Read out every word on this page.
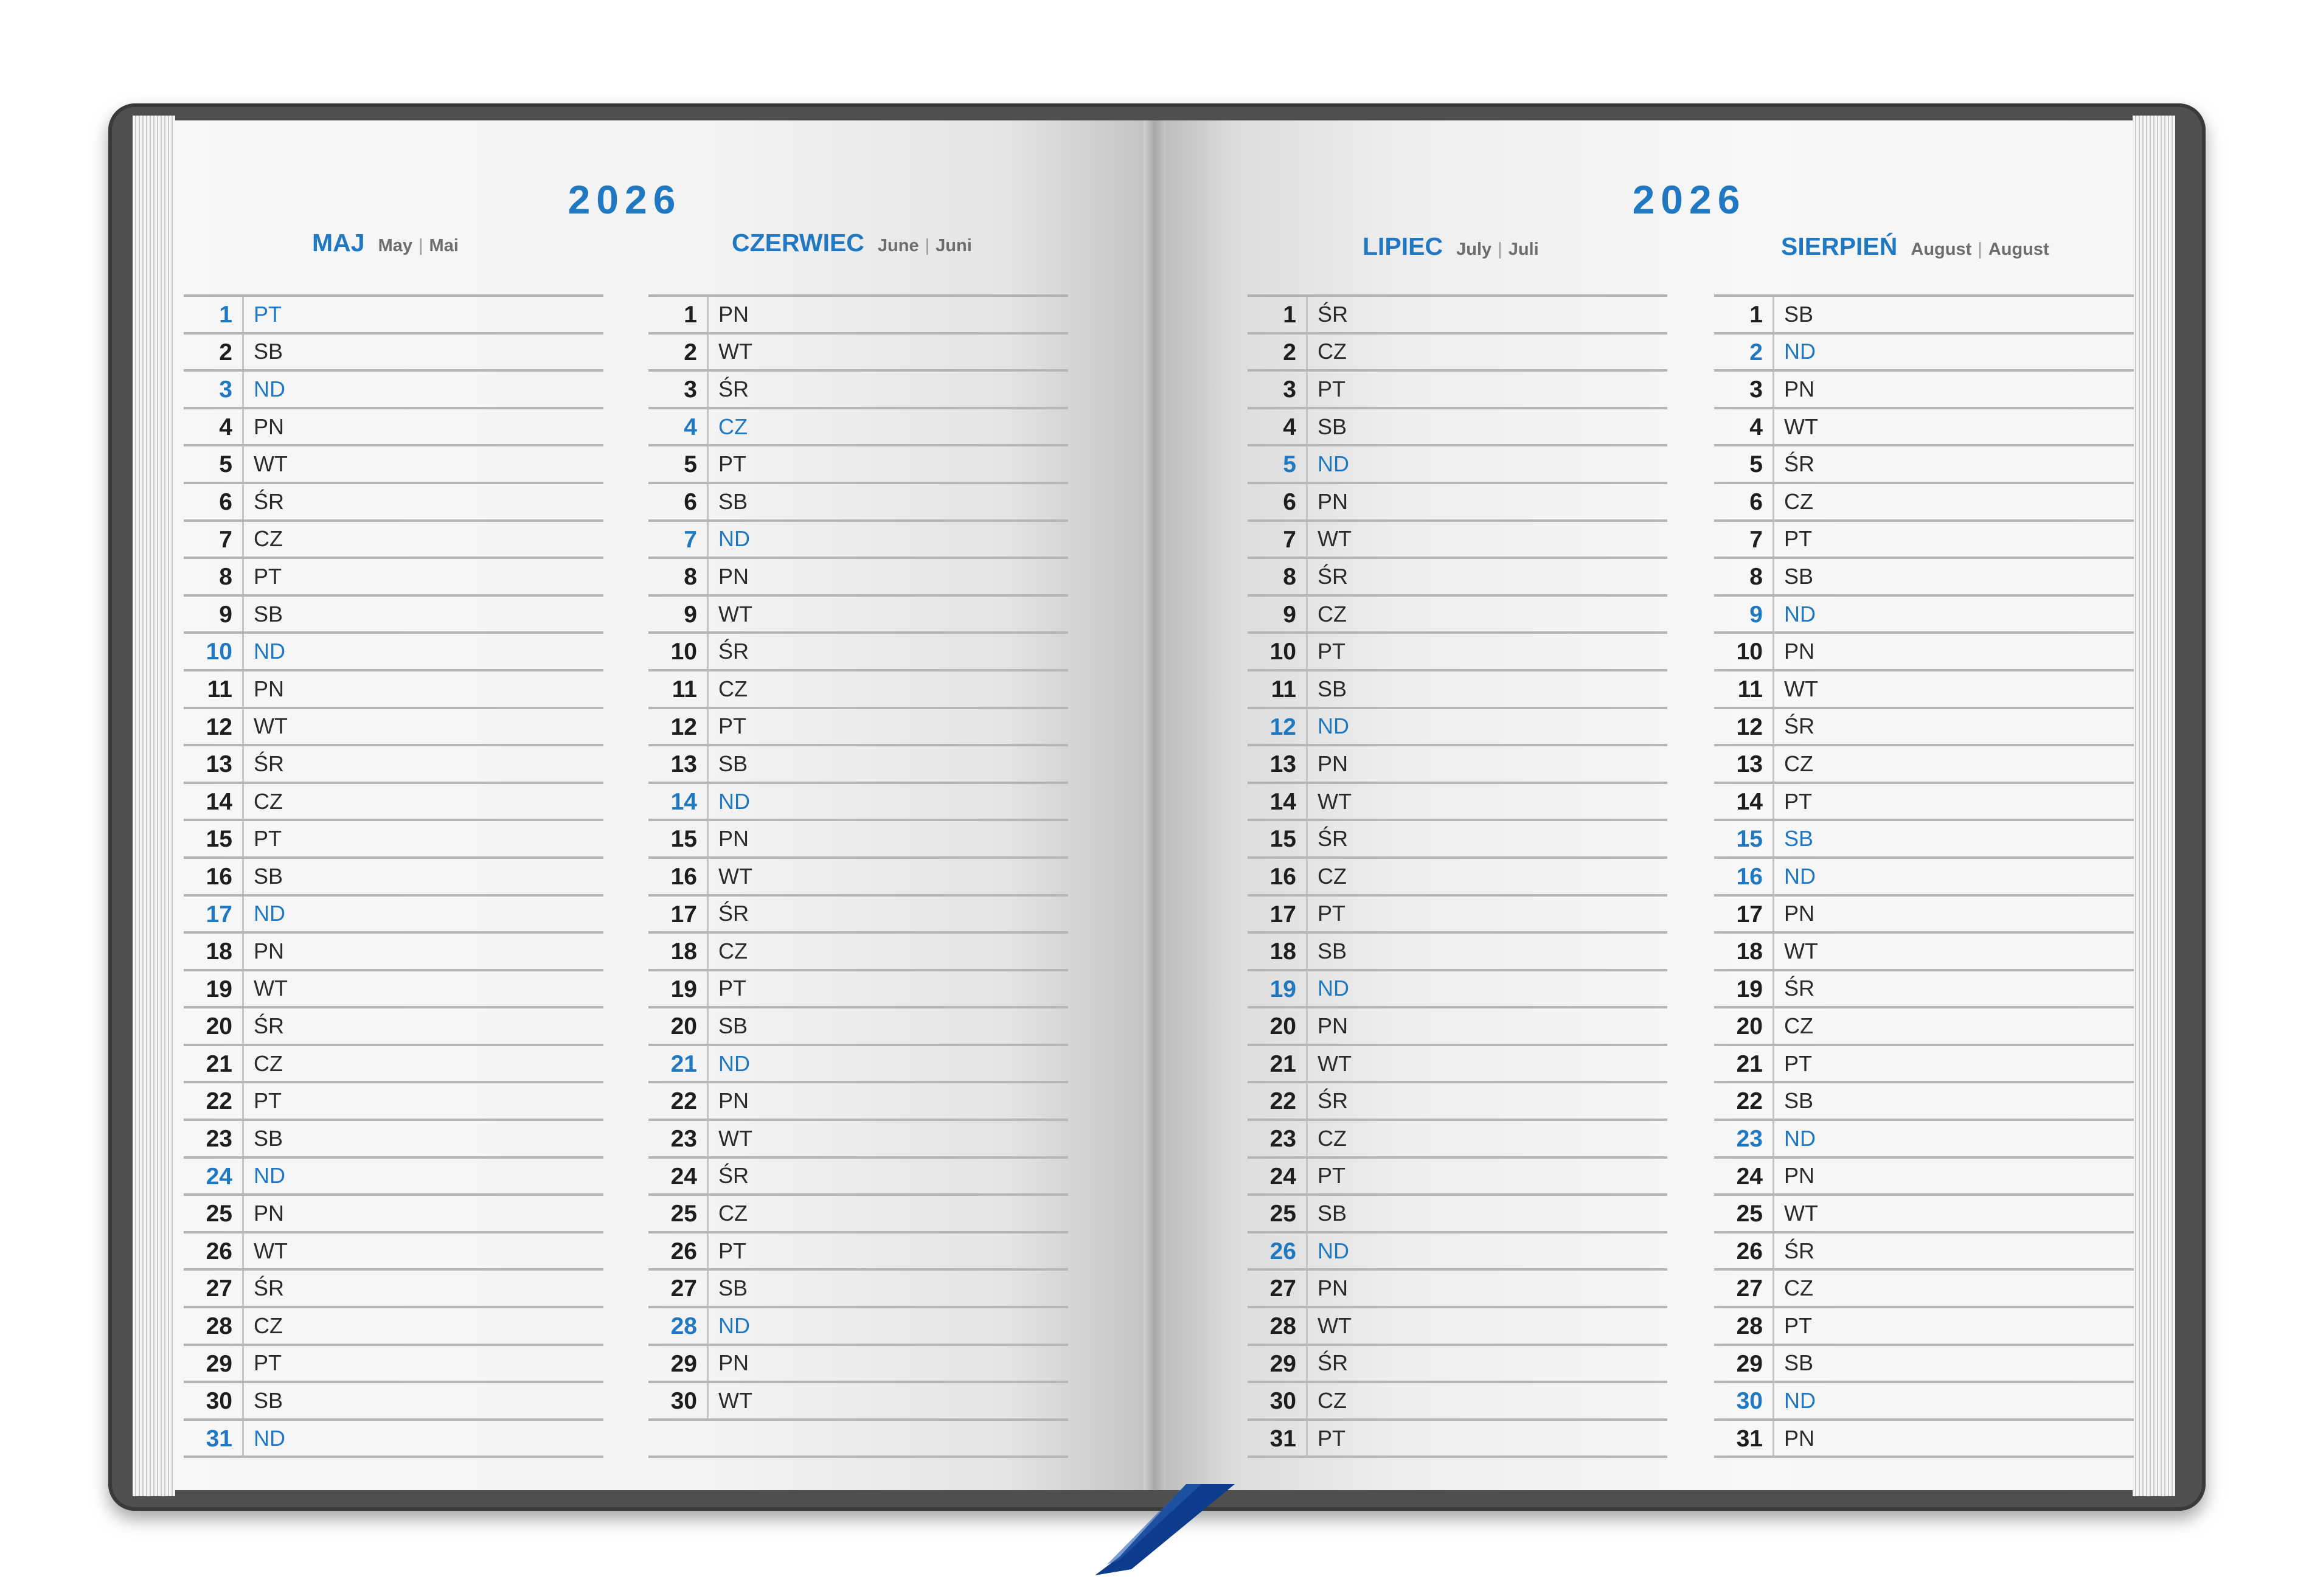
2026	2026
MAJ May | Mai	CZERWIEC June | Juni	LIPIEC July | Juli	SIERPIEŃ August | August
1 PT
2 SB
3 ND
4 PN
5 WT
6 ŚR
7 CZ
8 PT
9 SB
10 ND
11 PN
12 WT
13 ŚR
14 CZ
15 PT
16 SB
17 ND
18 PN
19 WT
20 ŚR
21 CZ
22 PT
23 SB
24 ND
25 PN
26 WT
27 ŚR
28 CZ
29 PT
30 SB
31 ND
1 PN
2 WT
3 ŚR
4 CZ
5 PT
6 SB
7 ND
8 PN
9 WT
10 ŚR
11 CZ
12 PT
13 SB
14 ND
15 PN
16 WT
17 ŚR
18 CZ
19 PT
20 SB
21 ND
22 PN
23 WT
24 ŚR
25 CZ
26 PT
27 SB
28 ND
29 PN
30 WT
1 ŚR
2 CZ
3 PT
4 SB
5 ND
6 PN
7 WT
8 ŚR
9 CZ
10 PT
11 SB
12 ND
13 PN
14 WT
15 ŚR
16 CZ
17 PT
18 SB
19 ND
20 PN
21 WT
22 ŚR
23 CZ
24 PT
25 SB
26 ND
27 PN
28 WT
29 ŚR
30 CZ
31 PT
1 SB
2 ND
3 PN
4 WT
5 ŚR
6 CZ
7 PT
8 SB
9 ND
10 PN
11 WT
12 ŚR
13 CZ
14 PT
15 SB
16 ND
17 PN
18 WT
19 ŚR
20 CZ
21 PT
22 SB
23 ND
24 PN
25 WT
26 ŚR
27 CZ
28 PT
29 SB
30 ND
31 PN
